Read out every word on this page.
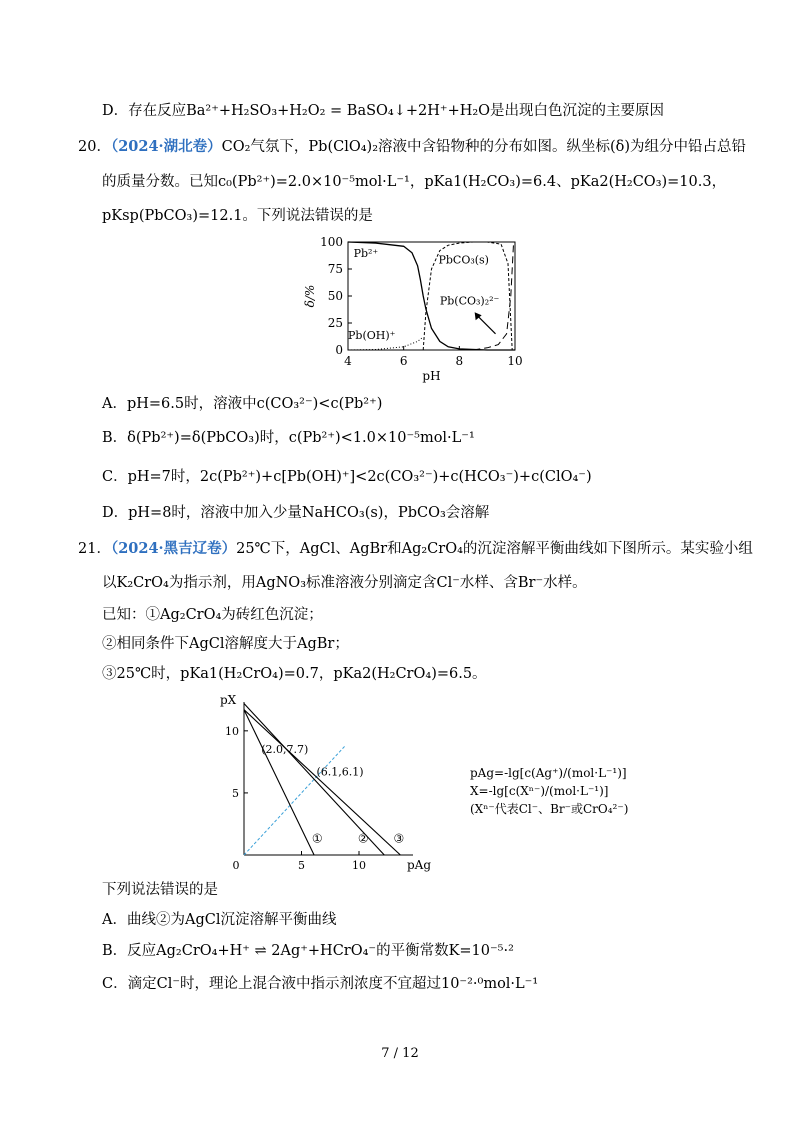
D．存在反应Ba²⁺+H₂SO₃+H₂O₂ = BaSO₄↓+2H⁺+H₂O是出现白色沉淀的主要原因
20．（2024·湖北卷）CO₂气氛下，Pb(ClO₄)₂溶液中含铅物种的分布如图。纵坐标(δ)为组分中铅占总铅
的质量分数。已知c₀(Pb²⁺)=2.0×10⁻⁵mol·L⁻¹，pKa1(H₂CO₃)=6.4、pKa2(H₂CO₃)=10.3，
pKsp(PbCO₃)=12.1。下列说法错误的是
4	6	8	10
0
25
50
75
100
pH
δ/%
Pb²⁺	PbCO₃(s)
Pb(CO₃)₂²⁻
Pb(OH)⁺
A．pH=6.5时，溶液中c(CO₃²⁻)<c(Pb²⁺)
B．δ(Pb²⁺)=δ(PbCO₃)时，c(Pb²⁺)<1.0×10⁻⁵mol·L⁻¹
C．pH=7时，2c(Pb²⁺)+c[Pb(OH)⁺]<2c(CO₃²⁻)+c(HCO₃⁻)+c(ClO₄⁻)
D．pH=8时，溶液中加入少量NaHCO₃(s)，PbCO₃会溶解
21．（2024·黑吉辽卷）25℃下，AgCl、AgBr和Ag₂CrO₄的沉淀溶解平衡曲线如下图所示。某实验小组
以K₂CrO₄为指示剂，用AgNO₃标准溶液分别滴定含Cl⁻水样、含Br⁻水样。
已知：①Ag₂CrO₄为砖红色沉淀；
②相同条件下AgCl溶解度大于AgBr；
③25℃时，pKa1(H₂CrO₄)=0.7，pKa2(H₂CrO₄)=6.5。
0	5	10
5
10
pAg
pX
(2.0,7.7)
(6.1,6.1)
①	② ③
pAg=-lg[c(Ag⁺)/(mol·L⁻¹)]
X=-lg[c(Xⁿ⁻)/(mol·L⁻¹)]
(Xⁿ⁻代表Cl⁻、Br⁻或CrO₄²⁻)
下列说法错误的是
A．曲线②为AgCl沉淀溶解平衡曲线
B．反应Ag₂CrO₄+H⁺ ⇌ 2Ag⁺+HCrO₄⁻的平衡常数K=10⁻⁵·²
C．滴定Cl⁻时，理论上混合液中指示剂浓度不宜超过10⁻²·⁰mol·L⁻¹
7 / 12
